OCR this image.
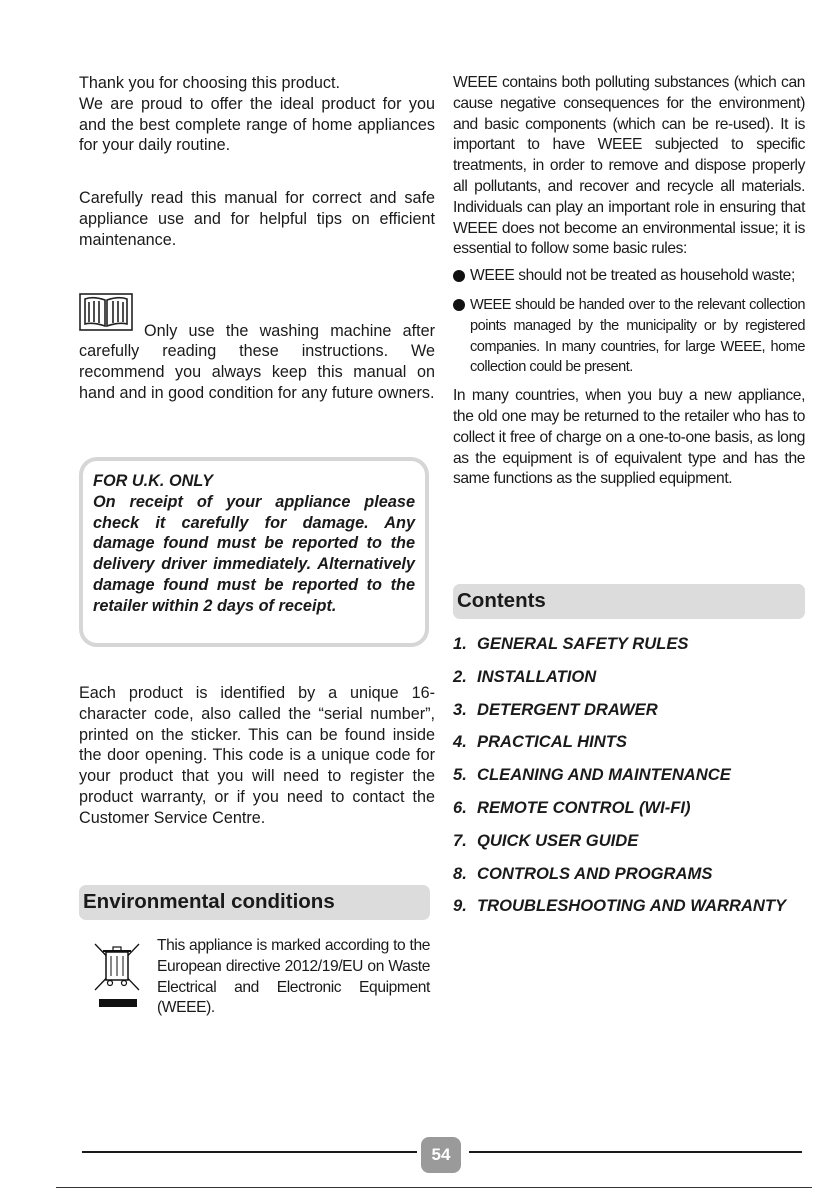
Thank you for choosing this product.

We are proud to offer the ideal product for you and the best complete range of home appliances for your daily routine.

Carefully read this manual for correct and safe appliance use and for helpful tips on efficient maintenance.

Only use the washing machine after carefully reading these instructions. We recommend you always keep this manual on hand and in good condition for any future owners.

FOR U.K. ONLY

On receipt of your appliance please check it carefully for damage. Any damage found must be reported to the delivery driver immediately. Alternatively damage found must be reported to the retailer within 2 days of receipt.

Each product is identified by a unique 16-character code, also called the “serial number”, printed on the sticker. This can be found inside the door opening. This code is a unique code for your product that you will need to register the product warranty, or if you need to contact the Customer Service Centre.

Environmental conditions

This appliance is marked according to the European directive 2012/19/EU on Waste Electrical and Electronic Equipment (WEEE).

WEEE contains both polluting substances (which can cause negative consequences for the environment) and basic components (which can be re-used). It is important to have WEEE subjected to specific treatments, in order to remove and dispose properly all pollutants, and recover and recycle all materials. Individuals can play an important role in ensuring that WEEE does not become an environmental issue; it is essential to follow some basic rules:

WEEE should not be treated as household waste;
WEEE should be handed over to the relevant collection points managed by the municipality or by registered companies. In many countries, for large WEEE, home collection could be present.

In many countries, when you buy a new appliance, the old one may be returned to the retailer who has to collect it free of charge on a one-to-one basis, as long as the equipment is of equivalent type and has the same functions as the supplied equipment.

Contents
1. GENERAL SAFETY RULES
2. INSTALLATION
3. DETERGENT DRAWER
4. PRACTICAL HINTS
5. CLEANING AND MAINTENANCE
6. REMOTE CONTROL (WI-FI)
7. QUICK USER GUIDE
8. CONTROLS AND PROGRAMS
9. TROUBLESHOOTING AND WARRANTY
54
